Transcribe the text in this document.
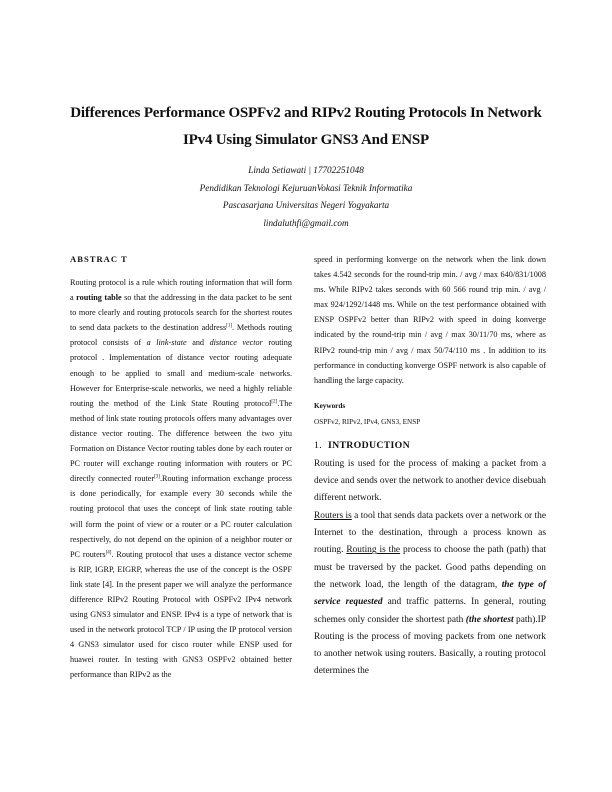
Differences Performance OSPFv2 and RIPv2 Routing Protocols In Network
IPv4 Using Simulator GNS3 And ENSP
Linda Setiawati | 17702251048
Pendidikan Teknologi KejuruanVokasi Teknik Informatika
Pascasarjana Universitas Negeri Yogyakarta
lindaluthfi@gmail.com
ABSTRAC T

Routing protocol is a rule which routing information that will form a routing table so that the addressing in the data packet to be sent to more clearly and routing protocols search for the shortest routes to send data packets to the destination address[1]. Methods routing protocol consists of a link-state and distance vector routing protocol . Implementation of distance vector routing adequate enough to be applied to small and medium-scale networks. However for Enterprise-scale networks, we need a highly reliable routing the method of the Link State Routing protocol[2].The method of link state routing protocols offers many advantages over distance vector routing. The difference between the two yitu Formation on Distance Vector routing tables done by each router or PC router will exchange routing information with routers or PC directly connected router[3].Routing information exchange process is done periodically, for example every 30 seconds while the routing protocol that uses the concept of link state routing table will form the point of view or a router or a PC router calculation respectively, do not depend on the opinion of a neighbor router or PC routers[4]. Routing protocol that uses a distance vector scheme is RIP, IGRP, EIGRP, whereas the use of the concept is the OSPF link state [4]. In the present paper we will analyze the performance difference RIPv2 Routing Protocol with OSPFv2 IPv4 network using GNS3 simulator and ENSP. IPv4 is a type of network that is used in the network protocol TCP / IP using the IP protocol version 4 GNS3 simulator used for cisco router while ENSP used for huawei router. In testing with GNS3 OSPFv2 obtained better performance than RIPv2 as the

speed in performing konverge on the network when the link down takes 4.542 seconds for the round-trip min. / avg / max 640/831/1008 ms. While RIPv2 takes seconds with 60 566 round trip min. / avg / max 924/1292/1448 ms. While on the test performance obtained with ENSP OSPFv2 better than RIPv2 with speed in doing konverge indicated by the round-trip min / avg / max 30/11/70 ms, where as RIPv2 round-trip min / avg / max 50/74/110 ms . In addition to its performance in conducting konverge OSPF network is also capable of handling the large capacity.

Keywords

OSPFv2, RIPv2, IPv4, GNS3, ENSP

1. INTRODUCTION

Routing is used for the process of making a packet from a device and sends over the network to another device disebuah different network.

Routers is a tool that sends data packets over a network or the Internet to the destination, through a process known as routing. Routing is the process to choose the path (path) that must be traversed by the packet. Good paths depending on the network load, the length of the datagram, the type of service requested and traffic patterns. In general, routing schemes only consider the shortest path (the shortest path).IP Routing is the process of moving packets from one network to another netwok using routers. Basically, a routing protocol determines the
